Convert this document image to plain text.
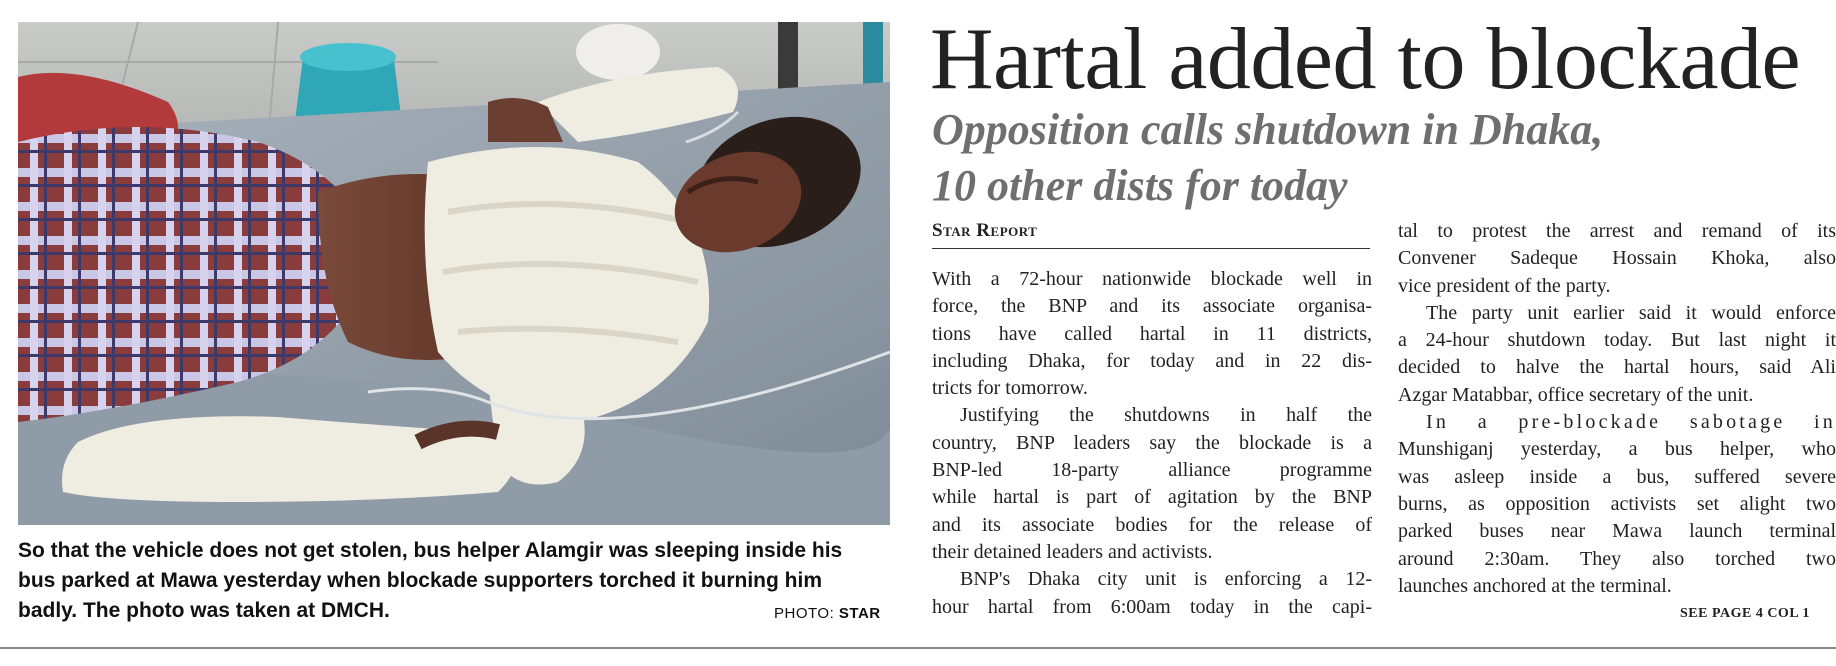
So that the vehicle does not get stolen, bus helper Alamgir was sleeping inside his
bus parked at Mawa yesterday when blockade supporters torched it burning him
badly. The photo was taken at DMCH.	PHOTO: STAR
Hartal added to blockade
Opposition calls shutdown in Dhaka,
10 other dists for today
Star Report
With a 72-hour nationwide blockade well in
force, the BNP and its associate organisa-
tions have called hartal in 11 districts,
including Dhaka, for today and in 22 dis-
tricts for tomorrow.
Justifying the shutdowns in half the
country, BNP leaders say the blockade is a
BNP-led 18-party alliance programme
while hartal is part of agitation by the BNP
and its associate bodies for the release of
their detained leaders and activists.
BNP's Dhaka city unit is enforcing a 12-
hour hartal from 6:00am today in the capi-
tal to protest the arrest and remand of its
Convener Sadeque Hossain Khoka, also
vice president of the party.
The party unit earlier said it would enforce
a 24-hour shutdown today. But last night it
decided to halve the hartal hours, said Ali
Azgar Matabbar, office secretary of the unit.
In a pre-blockade sabotage in
Munshiganj yesterday, a bus helper, who
was asleep inside a bus, suffered severe
burns, as opposition activists set alight two
parked buses near Mawa launch terminal
around 2:30am. They also torched two
launches anchored at the terminal.
SEE PAGE 4 COL 1
